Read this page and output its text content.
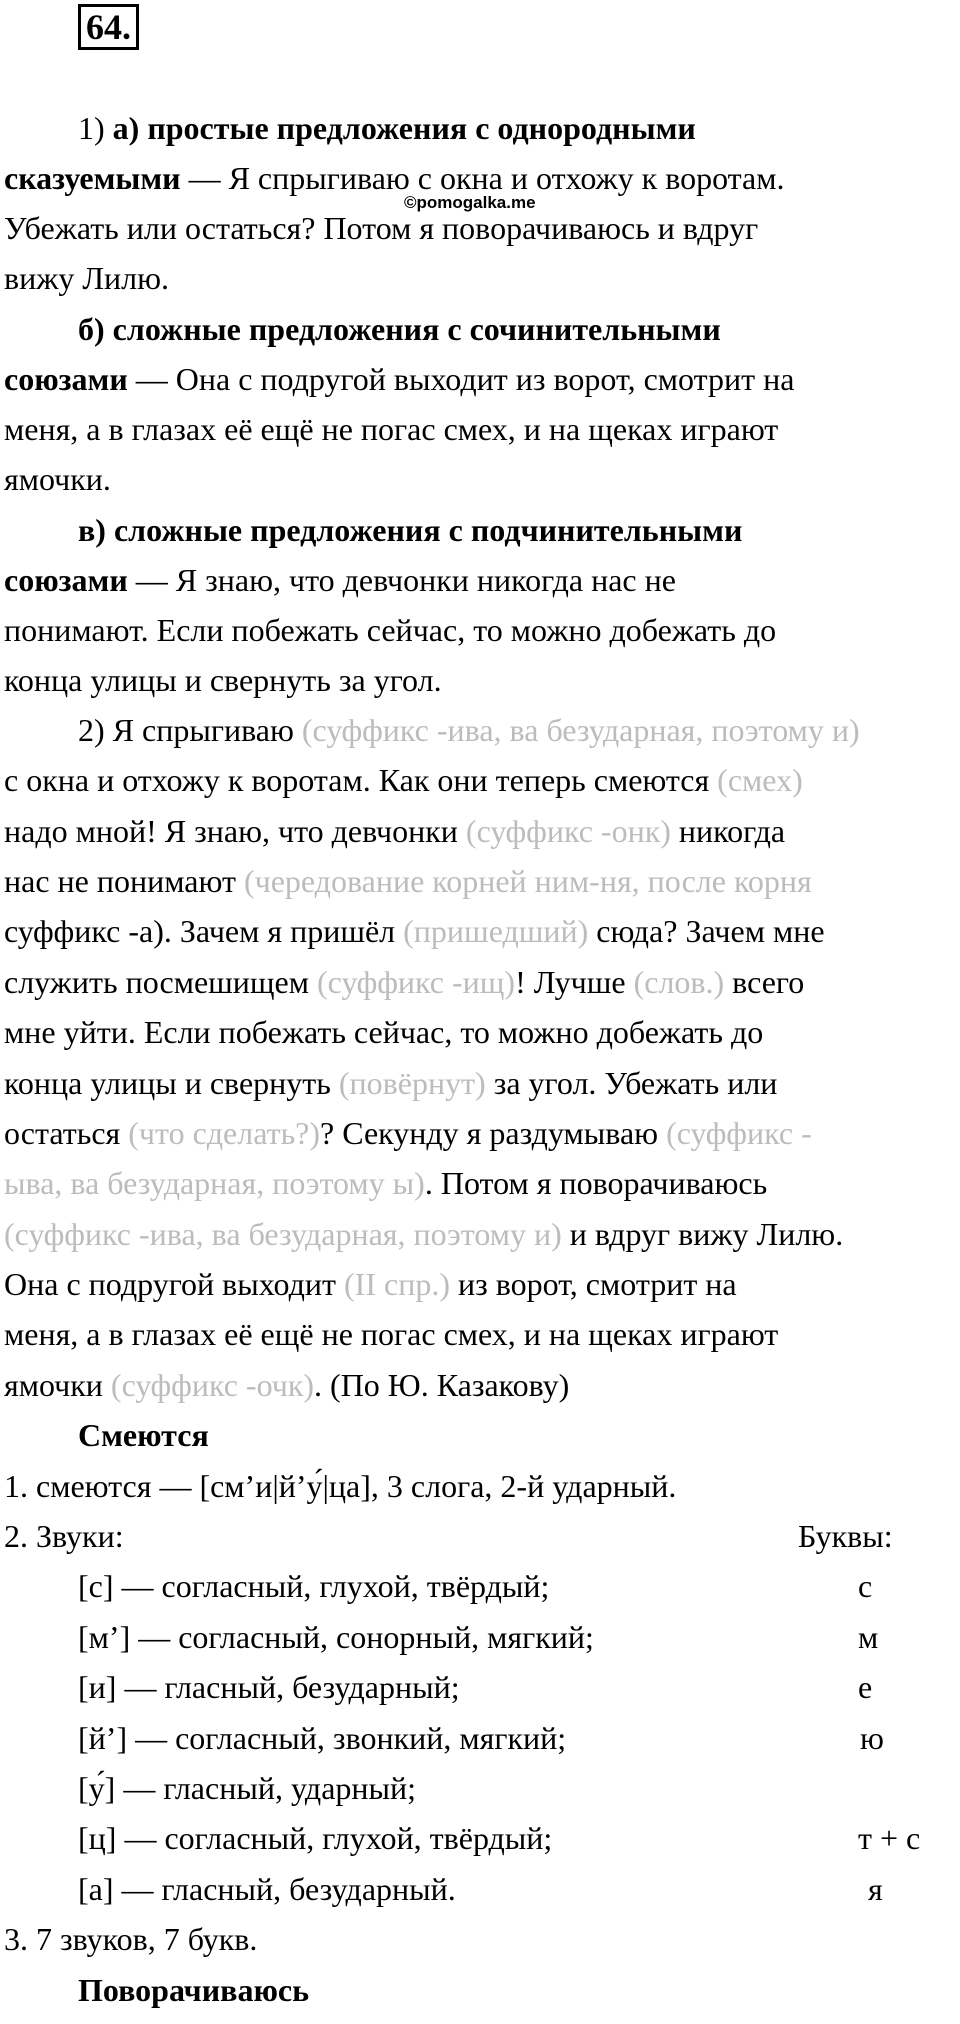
64.
1) а) простые предложения с однородными
сказуемыми — Я спрыгиваю с окна и отхожу к воротам.
©pomogalka.me
Убежать или остаться? Потом я поворачиваюсь и вдруг
вижу Лилю.
б) сложные предложения с сочинительными
союзами — Она с подругой выходит из ворот, смотрит на
меня, а в глазах её ещё не погас смех, и на щеках играют
ямочки.
в) сложные предложения с подчинительными
союзами — Я знаю, что девчонки никогда нас не
понимают. Если побежать сейчас, то можно добежать до
конца улицы и свернуть за угол.
2) Я спрыгиваю (суффикс -ива, ва безударная, поэтому и)
с окна и отхожу к воротам. Как они теперь смеются (смех)
надо мной! Я знаю, что девчонки (суффикс -онк) никогда
нас не понимают (чередование корней ним-ня, после корня
суффикс -а). Зачем я пришёл (пришедший) сюда? Зачем мне
служить посмешищем (суффикс -ищ)! Лучше (слов.) всего
мне уйти. Если побежать сейчас, то можно добежать до
конца улицы и свернуть (повёрнут) за угол. Убежать или
остаться (что сделать?)? Секунду я раздумываю (суффикс -
ыва, ва безударная, поэтому ы). Потом я поворачиваюсь
(суффикс -ива, ва безударная, поэтому и) и вдруг вижу Лилю.
Она с подругой выходит (II спр.) из ворот, смотрит на
меня, а в глазах её ещё не погас смех, и на щеках играют
ямочки (суффикс -очк). (По Ю. Казакову)
Смеются
1. смеются — [см’и|й’у́|ца], 3 слога, 2-й ударный.
2. Звуки:	Буквы:
[с] — согласный, глухой, твёрдый;	с
[м’] — согласный, сонорный, мягкий;	м
[и] — гласный, безударный;	е
[й’] — согласный, звонкий, мягкий;	ю
[у́] — гласный, ударный;
[ц] — согласный, глухой, твёрдый;	т + с
[а] — гласный, безударный.	я
3. 7 звуков, 7 букв.
Поворачиваюсь
